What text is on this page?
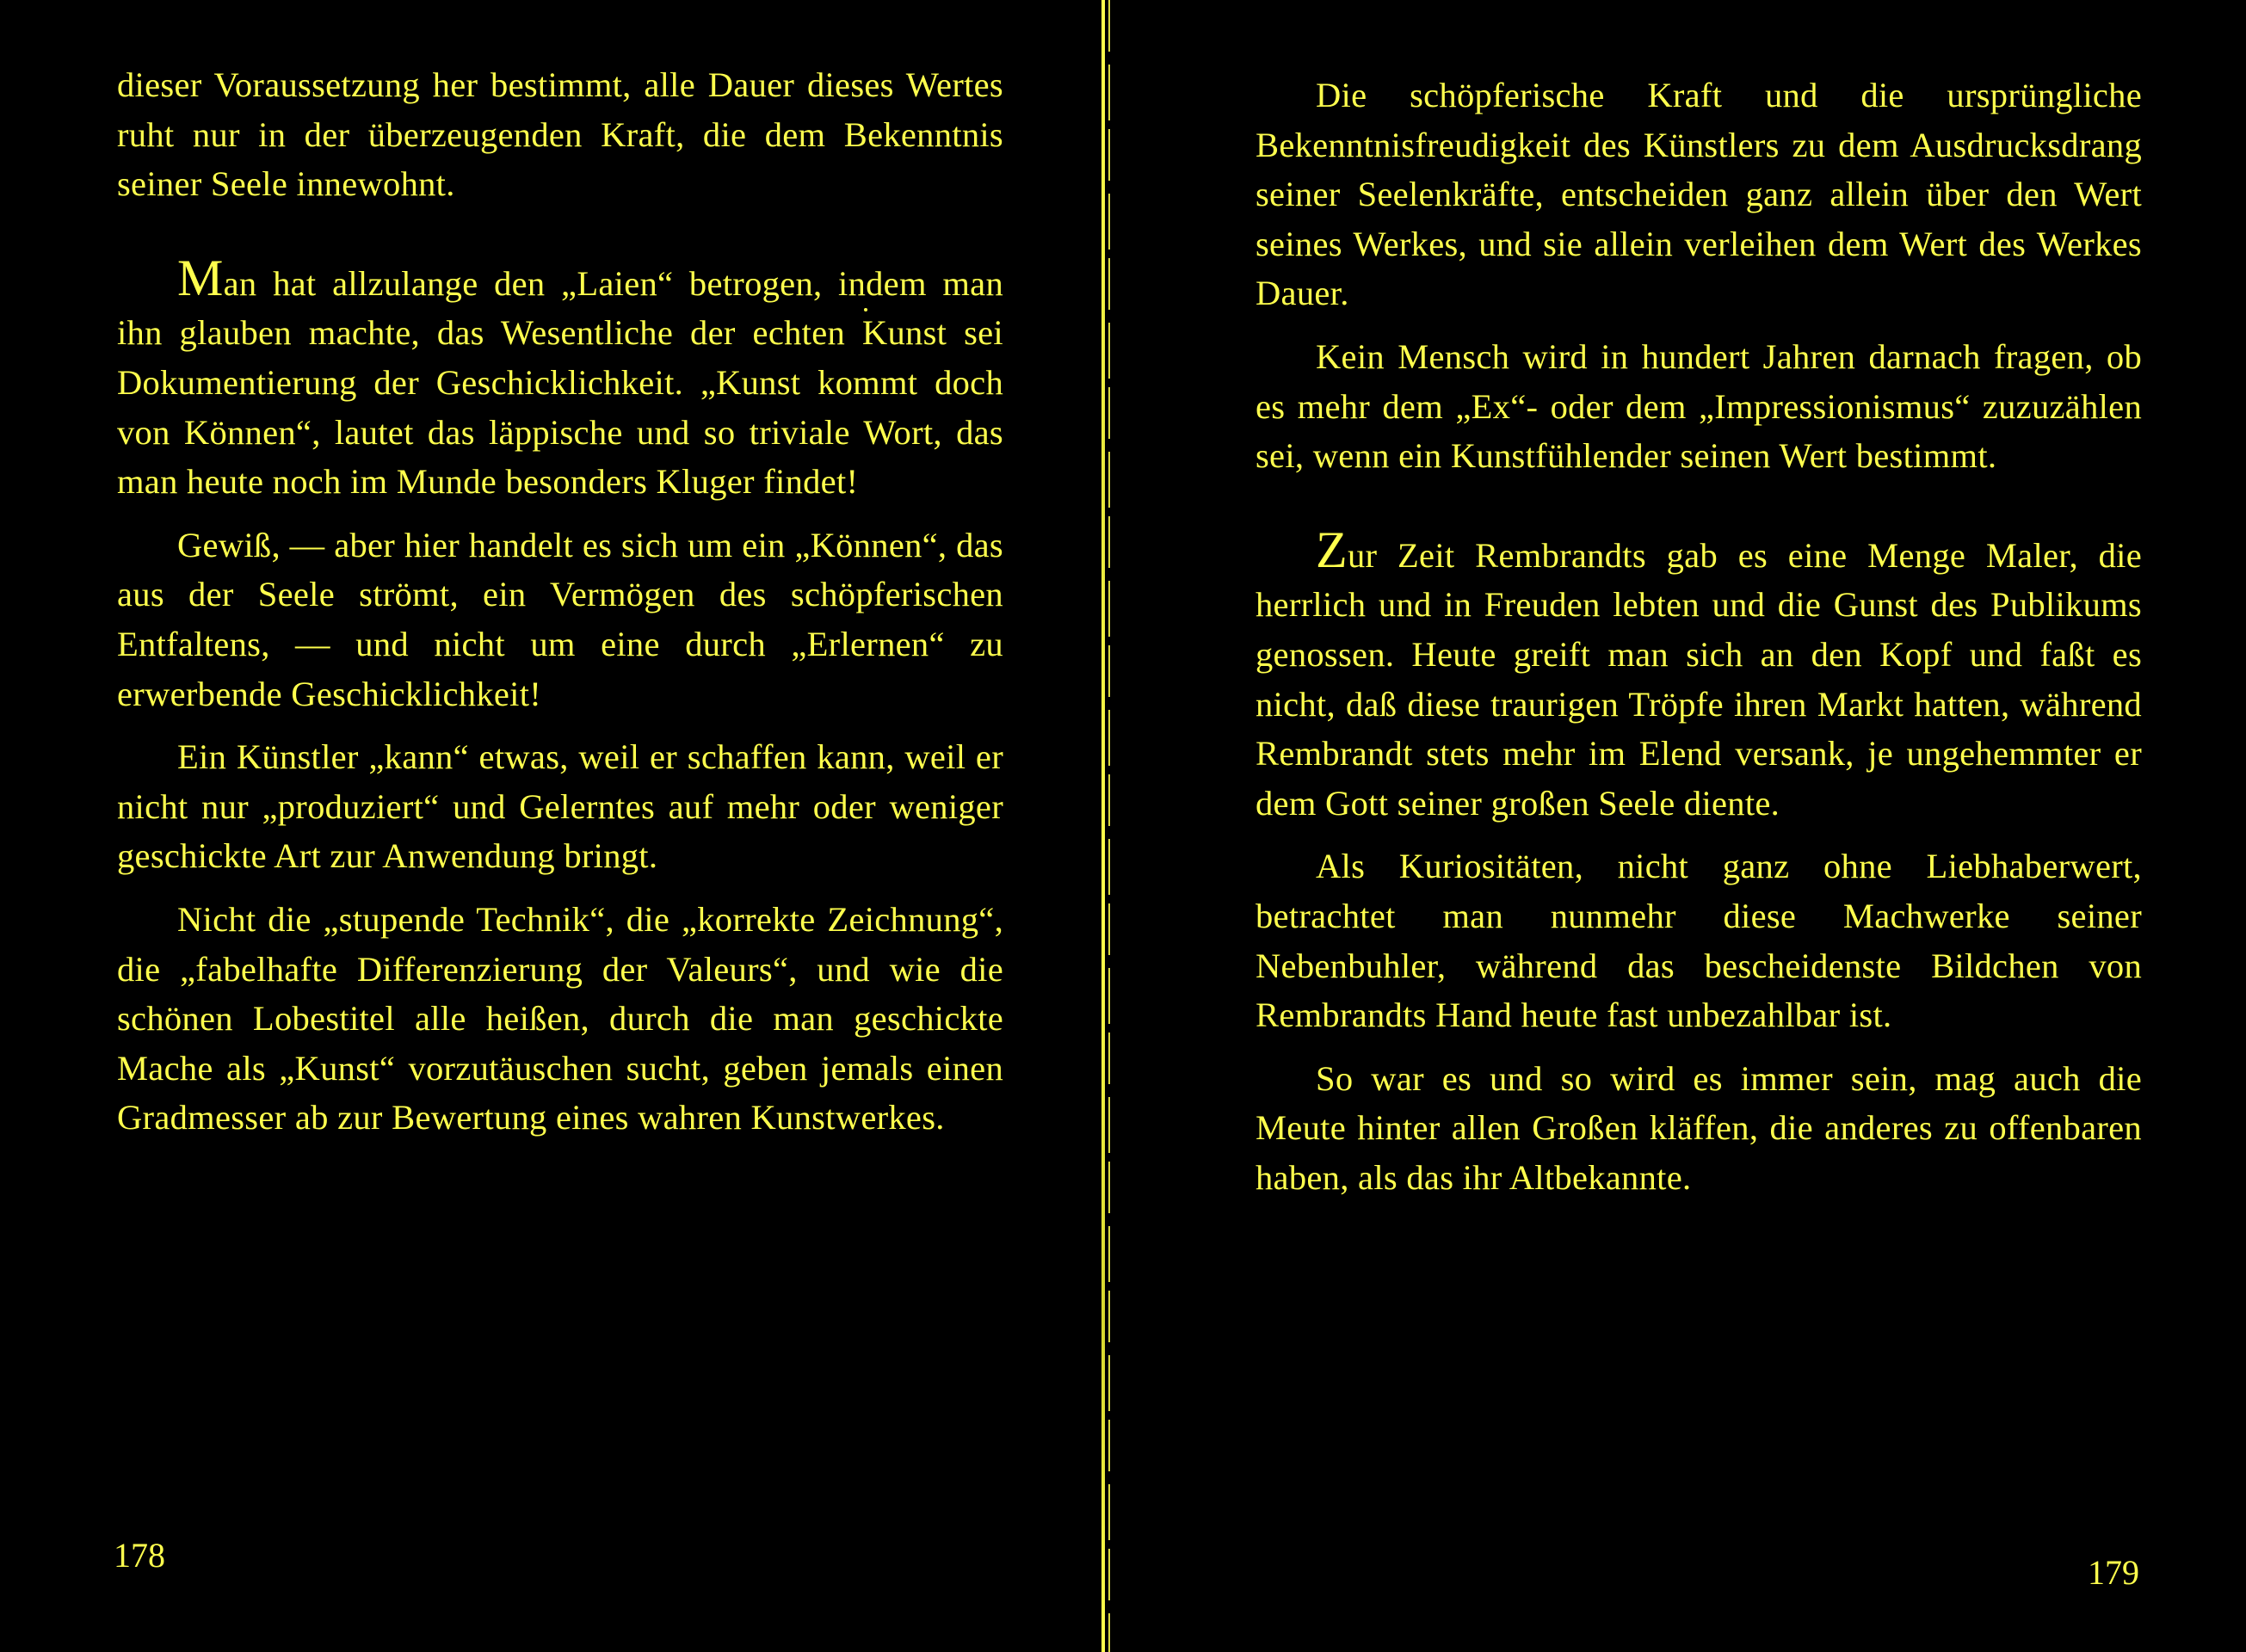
dieser Voraussetzung her bestimmt, alle Dauer dieses Wertes ruht nur in der überzeugenden Kraft, die dem Bekenntnis seiner Seele innewohnt.

Man hat allzulange den „Laien“ betrogen, indem man ihn glauben machte, das Wesentliche der echten Kunst sei Dokumentierung der Geschicklichkeit. „Kunst kommt doch von Können“, lautet das läppische und so triviale Wort, das man heute noch im Munde besonders Kluger findet!

Gewiß, — aber hier handelt es sich um ein „Können“, das aus der Seele strömt, ein Vermögen des schöpferischen Entfaltens, — und nicht um eine durch „Erlernen“ zu erwerbende Geschicklichkeit!

Ein Künstler „kann“ etwas, weil er schaffen kann, weil er nicht nur „produziert“ und Gelerntes auf mehr oder weniger geschickte Art zur Anwendung bringt.

Nicht die „stupende Technik“, die „korrekte Zeichnung“, die „fabelhafte Differenzierung der Valeurs“, und wie die schönen Lobestitel alle heißen, durch die man geschickte Mache als „Kunst“ vorzutäuschen sucht, geben jemals einen Gradmesser ab zur Bewertung eines wahren Kunstwerkes.

178

Die schöpferische Kraft und die ursprüngliche Bekenntnisfreudigkeit des Künstlers zu dem Ausdrucksdrang seiner Seelenkräfte, entscheiden ganz allein über den Wert seines Werkes, und sie allein verleihen dem Wert des Werkes Dauer.

Kein Mensch wird in hundert Jahren darnach fragen, ob es mehr dem „Ex“- oder dem „Impressionismus“ zuzuzählen sei, wenn ein Kunstfühlender seinen Wert bestimmt.

Zur Zeit Rembrandts gab es eine Menge Maler, die herrlich und in Freuden lebten und die Gunst des Publikums genossen. Heute greift man sich an den Kopf und faßt es nicht, daß diese traurigen Tröpfe ihren Markt hatten, während Rembrandt stets mehr im Elend versank, je ungehemmter er dem Gott seiner großen Seele diente.

Als Kuriositäten, nicht ganz ohne Liebhaberwert, betrachtet man nunmehr diese Machwerke seiner Nebenbuhler, während das bescheidenste Bildchen von Rembrandts Hand heute fast unbezahlbar ist.

So war es und so wird es immer sein, mag auch die Meute hinter allen Großen kläffen, die anderes zu offenbaren haben, als das ihr Altbekannte.

179
